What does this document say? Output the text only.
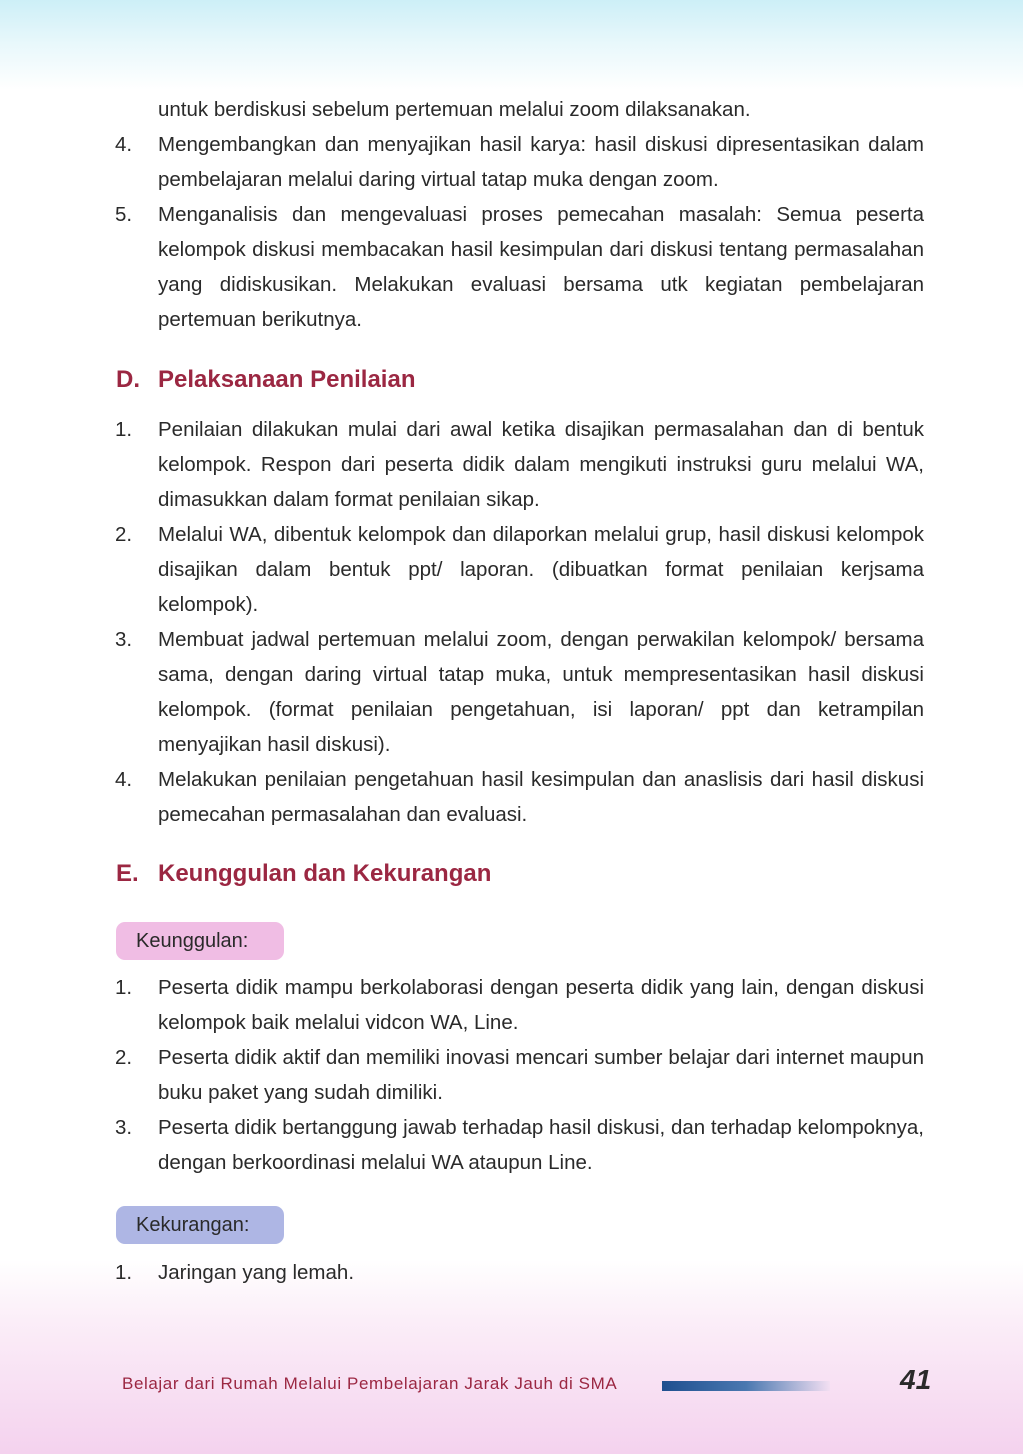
untuk berdiskusi sebelum pertemuan melalui zoom dilaksanakan.
4.	Mengembangkan dan menyajikan hasil karya: hasil diskusi dipresentasikan dalam pembelajaran melalui daring virtual tatap muka dengan zoom.
5.	Menganalisis dan mengevaluasi proses pemecahan masalah: Semua peserta kelompok diskusi membacakan hasil kesimpulan dari diskusi tentang permasalahan yang didiskusikan. Melakukan evaluasi bersama utk kegiatan pembelajaran pertemuan berikutnya.
D. Pelaksanaan Penilaian
1.	Penilaian dilakukan mulai dari awal ketika disajikan permasalahan dan di bentuk kelompok. Respon dari peserta didik dalam mengikuti instruksi guru melalui WA, dimasukkan dalam format penilaian sikap.
2.	Melalui WA, dibentuk kelompok dan dilaporkan melalui grup, hasil diskusi kelompok disajikan dalam bentuk ppt/ laporan. (dibuatkan format penilaian kerjsama kelompok).
3.	Membuat jadwal pertemuan melalui zoom, dengan perwakilan kelompok/ bersama sama, dengan daring virtual tatap muka, untuk mempresentasikan hasil diskusi kelompok. (format penilaian pengetahuan, isi laporan/ ppt dan ketrampilan menyajikan hasil diskusi).
4.	Melakukan penilaian pengetahuan hasil kesimpulan dan anaslisis dari hasil diskusi pemecahan permasalahan dan evaluasi.
E. Keunggulan dan Kekurangan
Keunggulan:
1.	Peserta didik mampu berkolaborasi dengan peserta didik yang lain, dengan diskusi kelompok baik melalui vidcon WA, Line.
2.	Peserta didik aktif dan memiliki inovasi mencari sumber belajar dari internet maupun buku paket yang sudah dimiliki.
3.	Peserta didik bertanggung jawab terhadap hasil diskusi, dan terhadap kelompoknya, dengan berkoordinasi melalui WA ataupun Line.
Kekurangan:
1.	Jaringan yang lemah.
Belajar dari Rumah Melalui Pembelajaran Jarak Jauh di SMA	41
